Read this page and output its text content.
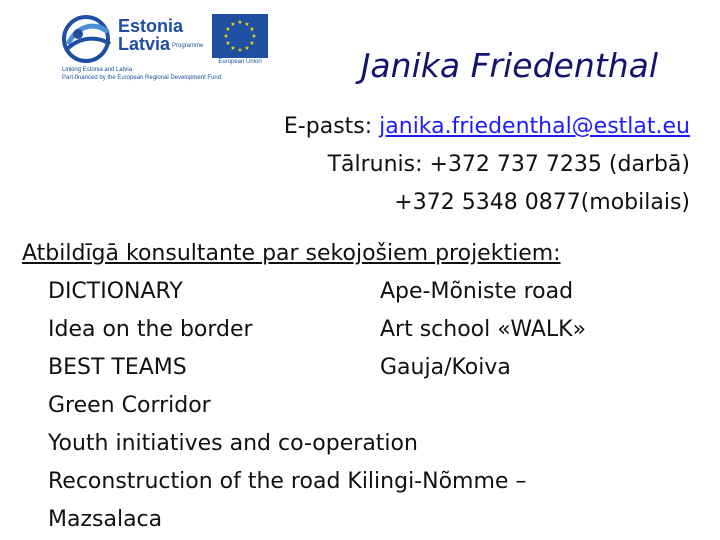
Estonia
Latvia Programme
★ ★
★
★
★
★
★
★
★
★
★
★
European Union
Linking Estonia and Latvia
Part-financed by the European Regional Development Fund	Janika Friedenthal
E-pasts: janika.friedenthal@estlat.eu
Tālrunis: +372 737 7235 (darbā)
+372 5348 0877(mobilais)
Atbildīgā konsultante par sekojošiem projektiem:
DICTIONARY
Idea on the border
BEST TEAMS
Ape-Mõniste road
Art school «WALK»
Gauja/Koiva
Green Corridor
Youth initiatives and co-operation
Reconstruction of the road Kilingi-Nõmme –
Mazsalaca
